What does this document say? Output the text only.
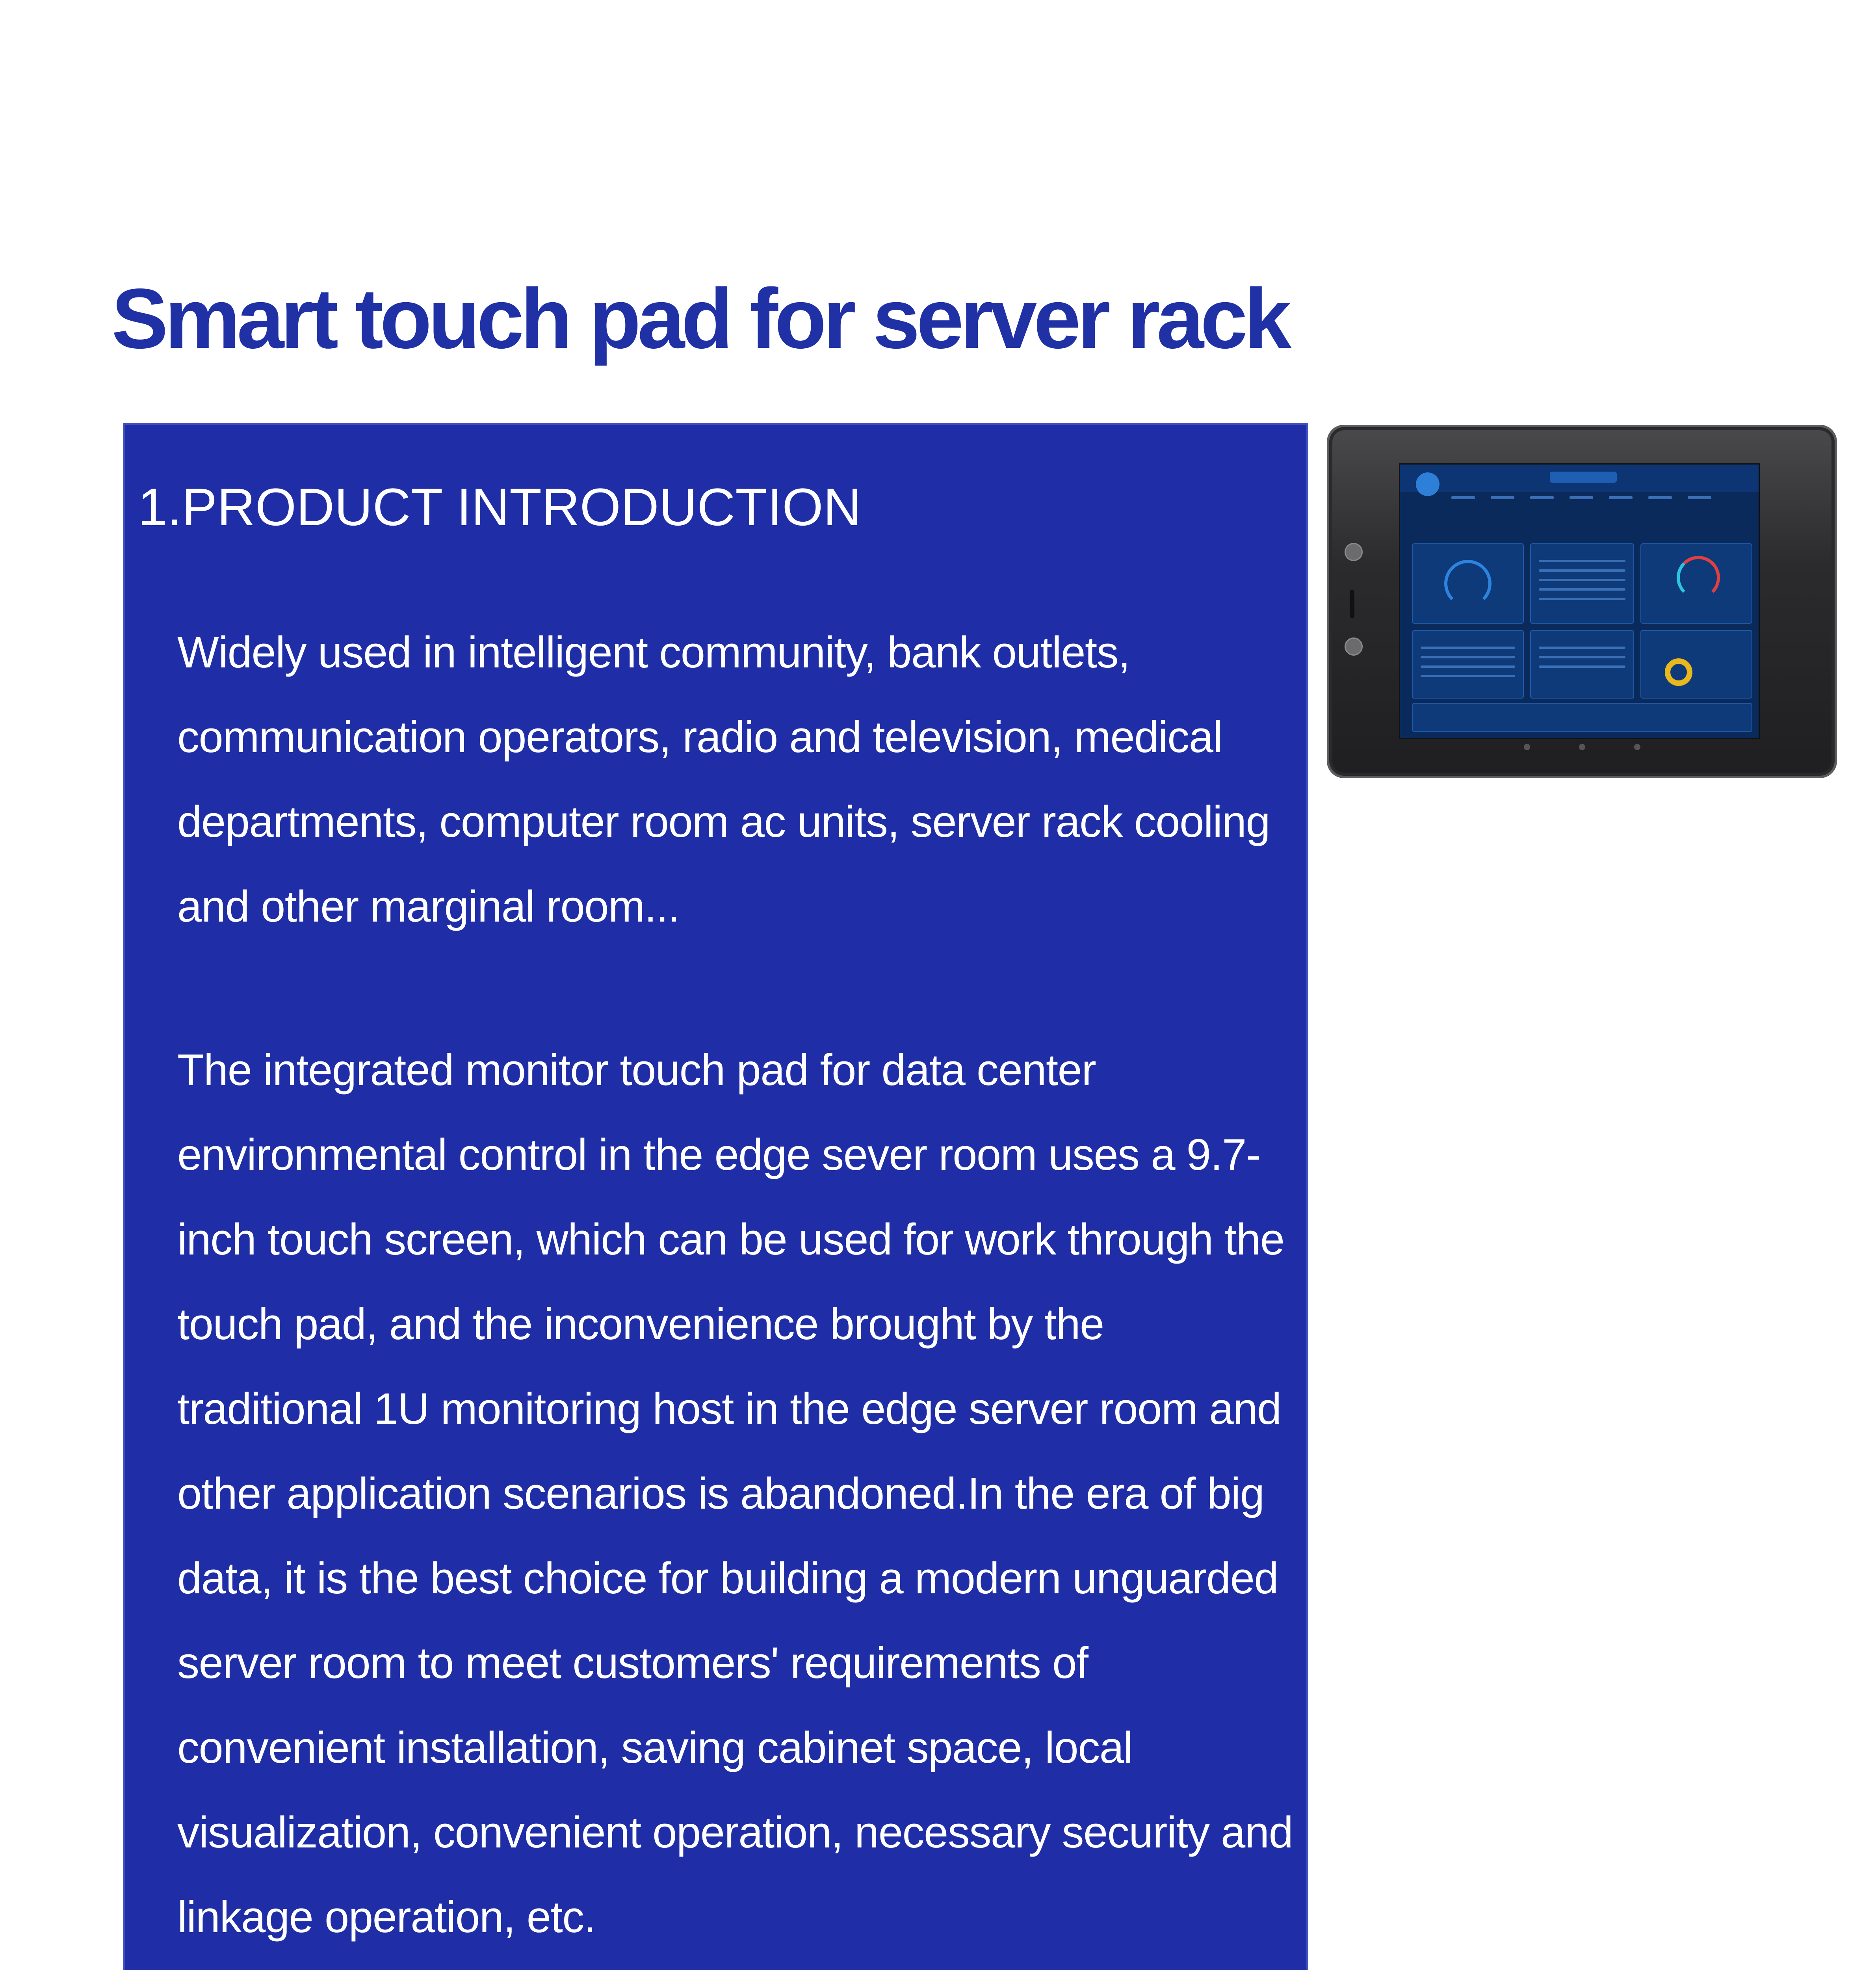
Smart touch pad for server rack
1.PRODUCT INTRODUCTION

Widely used in intelligent community, bank outlets, communication operators, radio and television, medical departments, computer room ac units, server rack cooling and other marginal room...

The integrated monitor touch pad for data center environmental control in the edge sever room uses a 9.7-inch touch screen, which can be used for work through the touch pad, and the inconvenience brought by the traditional 1U monitoring host in the edge server room and other application scenarios is abandoned.In the era of big data, it is the best choice for building a modern unguarded server room to meet customers' requirements of convenient installation, saving cabinet space, local visualization, convenient operation, necessary security and linkage operation, etc.
